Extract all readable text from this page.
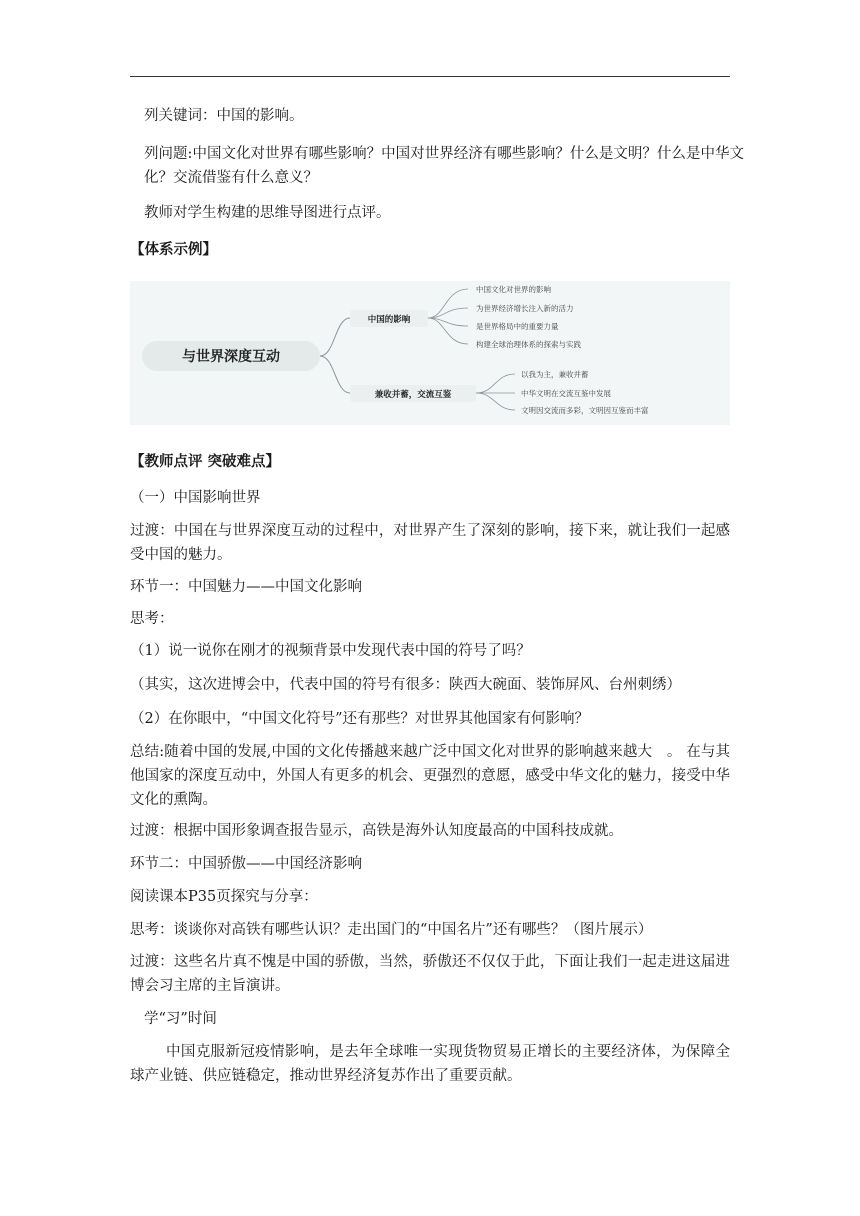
列关键词：中国的影响。
列问题:中国文化对世界有哪些影响？中国对世界经济有哪些影响？什么是文明？什么是中华文化？交流借鉴有什么意义？
教师对学生构建的思维导图进行点评。
【体系示例】
与世界深度互动
中国的影响
中国文化对世界的影响
为世界经济增长注入新的活力
是世界格局中的重要力量
构建全球治理体系的探索与实践
兼收并蓄，交流互鉴
以我为主，兼收并蓄
中华文明在交流互鉴中发展
文明因交流而多彩，文明因互鉴而丰富
【教师点评 突破难点】
（一）中国影响世界
过渡：中国在与世界深度互动的过程中，对世界产生了深刻的影响，接下来，就让我们一起感受中国的魅力。
环节一：中国魅力——中国文化影响
思考：
（1）说一说你在刚才的视频背景中发现代表中国的符号了吗？
（其实，这次进博会中，代表中国的符号有很多：陕西大碗面、装饰屏风、台州刺绣）
（2）在你眼中，“中国文化符号”还有那些？对世界其他国家有何影响？
总结:随着中国的发展,中国的文化传播越来越广泛中国文化对世界的影响越来越大　。 在与其他国家的深度互动中，外国人有更多的机会、更强烈的意愿，感受中华文化的魅力，接受中华文化的熏陶。
过渡：根据中国形象调查报告显示，高铁是海外认知度最高的中国科技成就。
环节二：中国骄傲——中国经济影响
阅读课本P35页探究与分享：
思考：谈谈你对高铁有哪些认识？走出国门的“中国名片”还有哪些？（图片展示）
过渡：这些名片真不愧是中国的骄傲，当然，骄傲还不仅仅于此，下面让我们一起走进这届进博会习主席的主旨演讲。
学“习”时间
中国克服新冠疫情影响，是去年全球唯一实现货物贸易正增长的主要经济体，为保障全球产业链、供应链稳定，推动世界经济复苏作出了重要贡献。
